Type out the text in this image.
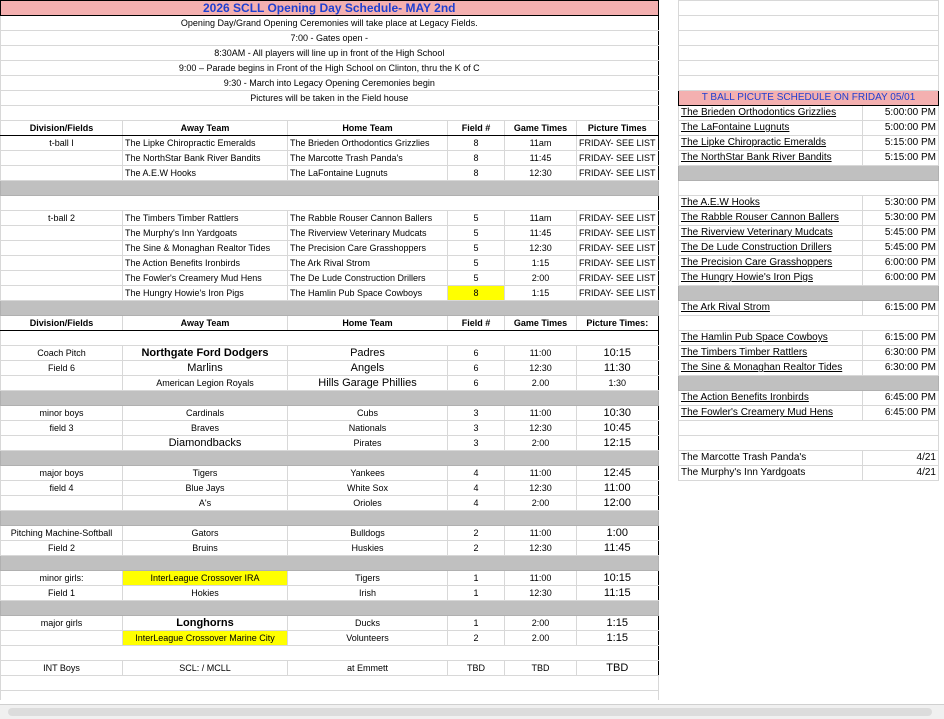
2026 SCLL Opening Day Schedule- MAY 2nd					
Opening Day/Grand Opening Ceremonies will take place at Legacy Fields.					
7:00 - Gates open -					
8:30AM - All players will line up in front of the High School					
9:00 – Parade begins in Front of the High School on Clinton, thru the K of C					
9:30 - March into Legacy Opening Ceremonies begin					
Pictures will be taken in the Field house					

Division/Fields	Away Team	Home Team	Field #	Game Times	Picture Times
t-ball I	The Lipke Chiropractic Emeralds	The Brieden Orthodontics Grizzlies	8	11am	FRIDAY- SEE LIST
	The NorthStar Bank River Bandits	The Marcotte Trash Panda's	8	11:45	FRIDAY- SEE LIST
	The A.E.W Hooks	The LaFontaine Lugnuts	8	12:30	FRIDAY- SEE LIST

t-ball 2	The Timbers Timber Rattlers	The Rabble Rouser Cannon Ballers	5	11am	FRIDAY- SEE LIST
	The Murphy's Inn Yardgoats	The Riverview Veterinary Mudcats	5	11:45	FRIDAY- SEE LIST
	The Sine & Monaghan Realtor Tides	The Precision Care Grasshoppers	5	12:30	FRIDAY- SEE LIST
	The Action Benefits Ironbirds	The Ark Rival Strom	5	1:15	FRIDAY- SEE LIST
	The Fowler's Creamery Mud Hens	The De Lude Construction Drillers	5	2:00	FRIDAY- SEE LIST
	The Hungry Howie's Iron Pigs	The Hamlin Pub Space Cowboys	8	1:15	FRIDAY- SEE LIST

Division/Fields	Away Team	Home Team	Field #	Game Times	Picture Times:

Coach Pitch	Northgate Ford Dodgers	Padres	6	11:00	10:15
Field 6	Marlins	Angels	6	12:30	11:30
	American Legion Royals	Hills Garage Phillies	6	2.00	1:30

minor boys	Cardinals	Cubs	3	11:00	10:30
field 3	Braves	Nationals	3	12:30	10:45
	Diamondbacks	Pirates	3	2:00	12:15

major boys	Tigers	Yankees	4	11:00	12:45
field 4	Blue Jays	White Sox	4	12:30	11:00
	A's	Orioles	4	2:00	12:00

Pitching Machine-Softball	Gators	Bulldogs	2	11:00	1:00
Field 2	Bruins	Huskies	2	12:30	11:45

minor girls:	InterLeague Crossover IRA	Tigers	1	11:00	10:15
Field 1	Hokies	Irish	1	12:30	11:15

major girls	Longhorns	Ducks	1	2:00	1:15
	InterLeague Crossover Marine City	Volunteers	2	2.00	1:15

INT Boys	SCL: / MCLL	at Emmett	TBD	TBD	TBD

T BALL PICUTE SCHEDULE ON FRIDAY 05/01	

The Brieden Orthodontics Grizzlies	5:00:00 PM
The LaFontaine Lugnuts	5:00:00 PM
The Lipke Chiropractic Emeralds	5:15:00 PM
The NorthStar Bank River Bandits	5:15:00 PM

The A.E.W Hooks	5:30:00 PM
The Rabble Rouser Cannon Ballers	5:30:00 PM
The Riverview Veterinary Mudcats	5:45:00 PM
The De Lude Construction Drillers	5:45:00 PM
The Precision Care Grasshoppers	6:00:00 PM
The Hungry Howie's Iron Pigs	6:00:00 PM

The Ark Rival Strom	6:15:00 PM

The Hamlin Pub Space Cowboys	6:15:00 PM
The Timbers Timber Rattlers	6:30:00 PM
The Sine & Monaghan Realtor Tides	6:30:00 PM

The Action Benefits Ironbirds	6:45:00 PM
The Fowler's Creamery Mud Hens	6:45:00 PM

The Marcotte Trash Panda's	4/21
The Murphy's Inn Yardgoats	4/21
